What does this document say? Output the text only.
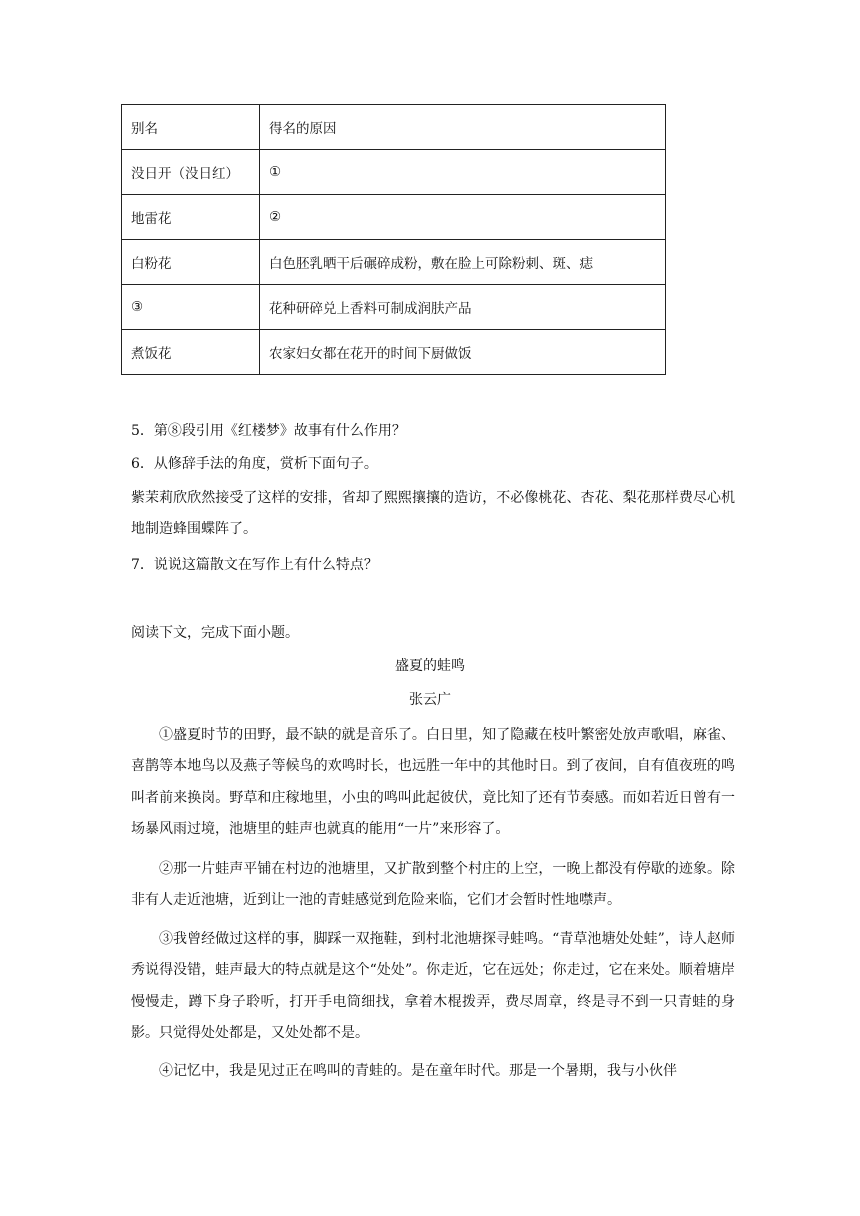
别名	得名的原因
没日开（没日红）	①
地雷花	②
白粉花	白色胚乳晒干后碾碎成粉，敷在脸上可除粉刺、斑、痣
③	花种研碎兑上香料可制成润肤产品
煮饭花	农家妇女都在花开的时间下厨做饭
5．第⑧段引用《红楼梦》故事有什么作用？
6．从修辞手法的角度，赏析下面句子。

紫茉莉欣欣然接受了这样的安排，省却了熙熙攘攘的造访，不必像桃花、杏花、梨花那样费尽心机地制造蜂围蝶阵了。

7．说说这篇散文在写作上有什么特点？
阅读下文，完成下面小题。
盛夏的蛙鸣
张云广

①盛夏时节的田野，最不缺的就是音乐了。白日里，知了隐藏在枝叶繁密处放声歌唱，麻雀、喜鹊等本地鸟以及燕子等候鸟的欢鸣时长，也远胜一年中的其他时日。到了夜间，自有值夜班的鸣叫者前来换岗。野草和庄稼地里，小虫的鸣叫此起彼伏，竟比知了还有节奏感。而如若近日曾有一场暴风雨过境，池塘里的蛙声也就真的能用“一片”来形容了。

②那一片蛙声平铺在村边的池塘里，又扩散到整个村庄的上空，一晚上都没有停歇的迹象。除非有人走近池塘，近到让一池的青蛙感觉到危险来临，它们才会暂时性地噤声。

③我曾经做过这样的事，脚踩一双拖鞋，到村北池塘探寻蛙鸣。“青草池塘处处蛙”，诗人赵师秀说得没错，蛙声最大的特点就是这个“处处”。你走近，它在远处；你走过，它在来处。顺着塘岸慢慢走，蹲下身子聆听，打开手电筒细找，拿着木棍拨弄，费尽周章，终是寻不到一只青蛙的身影。只觉得处处都是，又处处都不是。

④记忆中，我是见过正在鸣叫的青蛙的。是在童年时代。那是一个暑期，我与小伙伴
